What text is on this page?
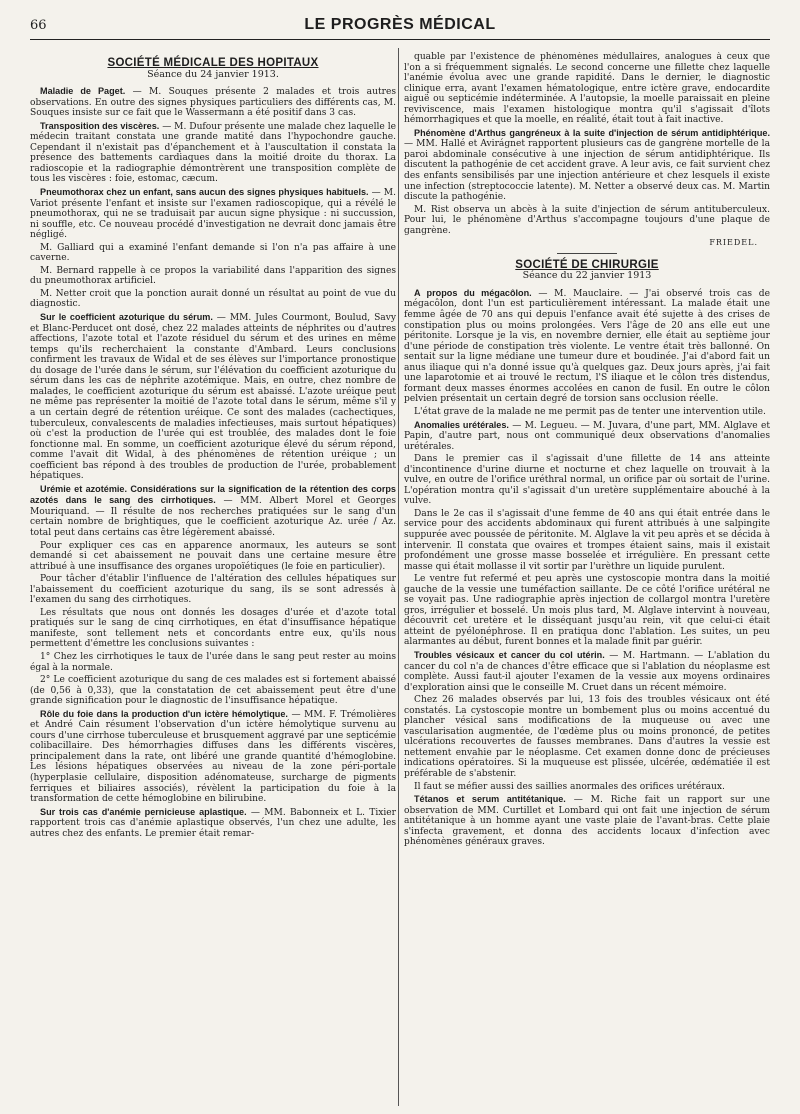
66	LE PROGRÈS MÉDICAL
SOCIÉTÉ MÉDICALE DES HOPITAUX
Séance du 24 janvier 1913.

Maladie de Paget. — M. Souques présente 2 malades et trois autres observations. En outre des signes physiques particuliers des différents cas, M. Souques insiste sur ce fait que le Wassermann a été positif dans 3 cas.

Transposition des viscères. — M. Dufour présente une malade chez laquelle le médecin traitant constata une grande matité dans l'hypochondre gauche. Cependant il n'existait pas d'épanchement et à l'auscultation il constata la présence des battements cardiaques dans la moitié droite du thorax. La radioscopie et la radiographie démontrèrent une transposition complète de tous les viscères : foie, estomac, cæcum.

Pneumothorax chez un enfant, sans aucun des signes physiques habituels. — M. Variot présente l'enfant et insiste sur l'examen radioscopique, qui a révélé le pneumothorax, qui ne se traduisait par aucun signe physique : ni succussion, ni souffle, etc. Ce nouveau procédé d'investigation ne devrait donc jamais être négligé.

M. Galliard qui a examiné l'enfant demande si l'on n'a pas affaire à une caverne.

M. Bernard rappelle à ce propos la variabilité dans l'apparition des signes du pneumothorax artificiel.

M. Netter croit que la ponction aurait donné un résultat au point de vue du diagnostic.

Sur le coefficient azoturique du sérum. — MM. Jules Courmont, Boulud, Savy et Blanc-Perducet ont dosé, chez 22 malades atteints de néphrites ou d'autres affections, l'azote total et l'azote résiduel du sérum et des urines en même temps qu'ils recherchaient la constante d'Ambard. Leurs conclusions confirment les travaux de Widal et de ses élèves sur l'importance pronostique du dosage de l'urée dans le sérum, sur l'élévation du coefficient azoturique du sérum dans les cas de néphrite azotémique. Mais, en outre, chez nombre de malades, le coefficient azoturique du sérum est abaissé. L'azote uréique peut ne même pas représenter la moitié de l'azote total dans le sérum, même s'il y a un certain degré de rétention uréique. Ce sont des malades (cachectiques, tuberculeux, convalescents de maladies infectieuses, mais surtout hépatiques) où c'est la production de l'urée qui est troublée, des malades dont le foie fonctionne mal. En somme, un coefficient azoturique élevé du sérum répond, comme l'avait dit Widal, à des phénomènes de rétention uréique ; un coefficient bas répond à des troubles de production de l'urée, probablement hépatiques.

Urémie et azotémie. Considérations sur la signification de la rétention des corps azotés dans le sang des cirrhotiques. — MM. Albert Morel et Georges Mouriquand. — Il résulte de nos recherches pratiquées sur le sang d'un certain nombre de brightiques, que le coefficient azoturique Az. urée / Az. total peut dans certains cas être légèrement abaissé.

Pour expliquer ces cas en apparence anormaux, les auteurs se sont demandé si cet abaissement ne pouvait dans une certaine mesure être attribué à une insuffisance des organes uropoïétiques (le foie en particulier).

Pour tâcher d'établir l'influence de l'altération des cellules hépatiques sur l'abaissement du coefficient azoturique du sang, ils se sont adressés à l'examen du sang des cirrhotiques.

Les résultats que nous ont donnés les dosages d'urée et d'azote total pratiqués sur le sang de cinq cirrhotiques, en état d'insuffisance hépatique manifeste, sont tellement nets et concordants entre eux, qu'ils nous permettent d'émettre les conclusions suivantes :

1° Chez les cirrhotiques le taux de l'urée dans le sang peut rester au moins égal à la normale.

2° Le coefficient azoturique du sang de ces malades est si fortement abaissé (de 0,56 à 0,33), que la constatation de cet abaissement peut être d'une grande signification pour le diagnostic de l'insuffisance hépatique.

Rôle du foie dans la production d'un ictère hémolytique. — MM. F. Trémolières et André Cain résument l'observation d'un ictère hémolytique survenu au cours d'une cirrhose tuberculeuse et brusquement aggravé par une septicémie colibacillaire. Des hémorrhagies diffuses dans les différents viscères, principalement dans la rate, ont libéré une grande quantité d'hémoglobine. Les lésions hépatiques observées au niveau de la zone péri-portale (hyperplasie cellulaire, disposition adénomateuse, surcharge de pigments ferriques et biliaires associés), révèlent la participation du foie à la transformation de cette hémoglobine en bilirubine.

Sur trois cas d'anémie pernicieuse aplastique. — MM. Babonneix et L. Tixier rapportent trois cas d'anémie aplastique observés, l'un chez une adulte, les autres chez des enfants. Le premier était remar-

quable par l'existence de phénomènes médullaires, analogues à ceux que l'on a si fréquemment signalés. Le second concerne une fillette chez laquelle l'anémie évolua avec une grande rapidité. Dans le dernier, le diagnostic clinique erra, avant l'examen hématologique, entre ictère grave, endocardite aiguë ou septicémie indéterminée. A l'autopsie, la moelle paraissait en pleine reviviscence, mais l'examen histologique montra qu'il s'agissait d'îlots hémorrhagiques et que la moelle, en réalité, était tout à fait inactive.

Phénomène d'Arthus gangréneux à la suite d'injection de sérum antidiphtérique. — MM. Hallé et Avirágnet rapportent plusieurs cas de gangrène mortelle de la paroi abdominale consécutive à une injection de sérum antidiphtérique. Ils discutent la pathogénie de cet accident grave. A leur avis, ce fait survient chez des enfants sensibilisés par une injection antérieure et chez lesquels il existe une infection (streptococcie latente). M. Netter a observé deux cas. M. Martin discute la pathogénie.

M. Rist observa un abcès à la suite d'injection de sérum antituberculeux. Pour lui, le phénomène d'Arthus s'accompagne toujours d'une plaque de gangrène.

FRIEDEL.
SOCIÉTÉ DE CHIRURGIE
Séance du 22 janvier 1913

A propos du mégacôlon. — M. Mauclaire. — J'ai observé trois cas de mégacôlon, dont l'un est particulièrement intéressant. La malade était une femme âgée de 70 ans qui depuis l'enfance avait été sujette à des crises de constipation plus ou moins prolongées. Vers l'âge de 20 ans elle eut une péritonite. Lorsque je la vis, en novembre dernier, elle était au septième jour d'une période de constipation très violente. Le ventre était très ballonné. On sentait sur la ligne médiane une tumeur dure et boudinée. J'ai d'abord fait un anus iliaque qui n'a donné issue qu'à quelques gaz. Deux jours après, j'ai fait une laparotomie et ai trouvé le rectum, l'S iliaque et le côlon très distendus, formant deux masses énormes accolées en canon de fusil. En outre le côlon pelvien présentait un certain degré de torsion sans occlusion réelle.

L'état grave de la malade ne me permit pas de tenter une intervention utile.

Anomalies urétérales. — M. Legueu. — M. Juvara, d'une part, MM. Alglave et Papin, d'autre part, nous ont communiqué deux observations d'anomalies urétérales.

Dans le premier cas il s'agissait d'une fillette de 14 ans atteinte d'incontinence d'urine diurne et nocturne et chez laquelle on trouvait à la vulve, en outre de l'orifice uréthral normal, un orifice par où sortait de l'urine. L'opération montra qu'il s'agissait d'un uretère supplémentaire abouché à la vulve.

Dans le 2e cas il s'agissait d'une femme de 40 ans qui était entrée dans le service pour des accidents abdominaux qui furent attribués à une salpingite suppurée avec poussée de péritonite. M. Alglave la vit peu après et se décida à intervenir. Il constata que ovaires et trompes étaient sains, mais il existait profondément une grosse masse bosselée et irrégulière. En pressant cette masse qui était mollasse il vit sortir par l'urèthre un liquide purulent.

Le ventre fut refermé et peu après une cystoscopie montra dans la moitié gauche de la vessie une tuméfaction saillante. De ce côté l'orifice urétéral ne se voyait pas. Une radiographie après injection de collargol montra l'uretère gros, irrégulier et bosselé. Un mois plus tard, M. Alglave intervint à nouveau, découvrit cet uretère et le disséquant jusqu'au rein, vit que celui-ci était atteint de pyélonéphrose. Il en pratiqua donc l'ablation. Les suites, un peu alarmantes au début, furent bonnes et la malade finit par guérir.

Troubles vésicaux et cancer du col utérin. — M. Hartmann. — L'ablation du cancer du col n'a de chances d'être efficace que si l'ablation du néoplasme est complète. Aussi faut-il ajouter l'examen de la vessie aux moyens ordinaires d'exploration ainsi que le conseille M. Cruet dans un récent mémoire.

Chez 26 malades observés par lui, 13 fois des troubles vésicaux ont été constatés. La cystoscopie montre un bombement plus ou moins accentué du plancher vésical sans modifications de la muqueuse ou avec une vascularisation augmentée, de l'œdème plus ou moins prononcé, de petites ulcérations recouvertes de fausses membranes. Dans d'autres la vessie est nettement envahie par le néoplasme. Cet examen donne donc de précieuses indications opératoires. Si la muqueuse est plissée, ulcérée, œdématiée il est préférable de s'abstenir.

Il faut se méfier aussi des saillies anormales des orifices urétéraux.

Tétanos et serum antitétanique. — M. Riche fait un rapport sur une observation de MM. Curtillet et Lombard qui ont fait une injection de sérum antitétanique à un homme ayant une vaste plaie de l'avant-bras. Cette plaie s'infecta gravement, et donna des accidents locaux d'infection avec phénomènes généraux graves.
